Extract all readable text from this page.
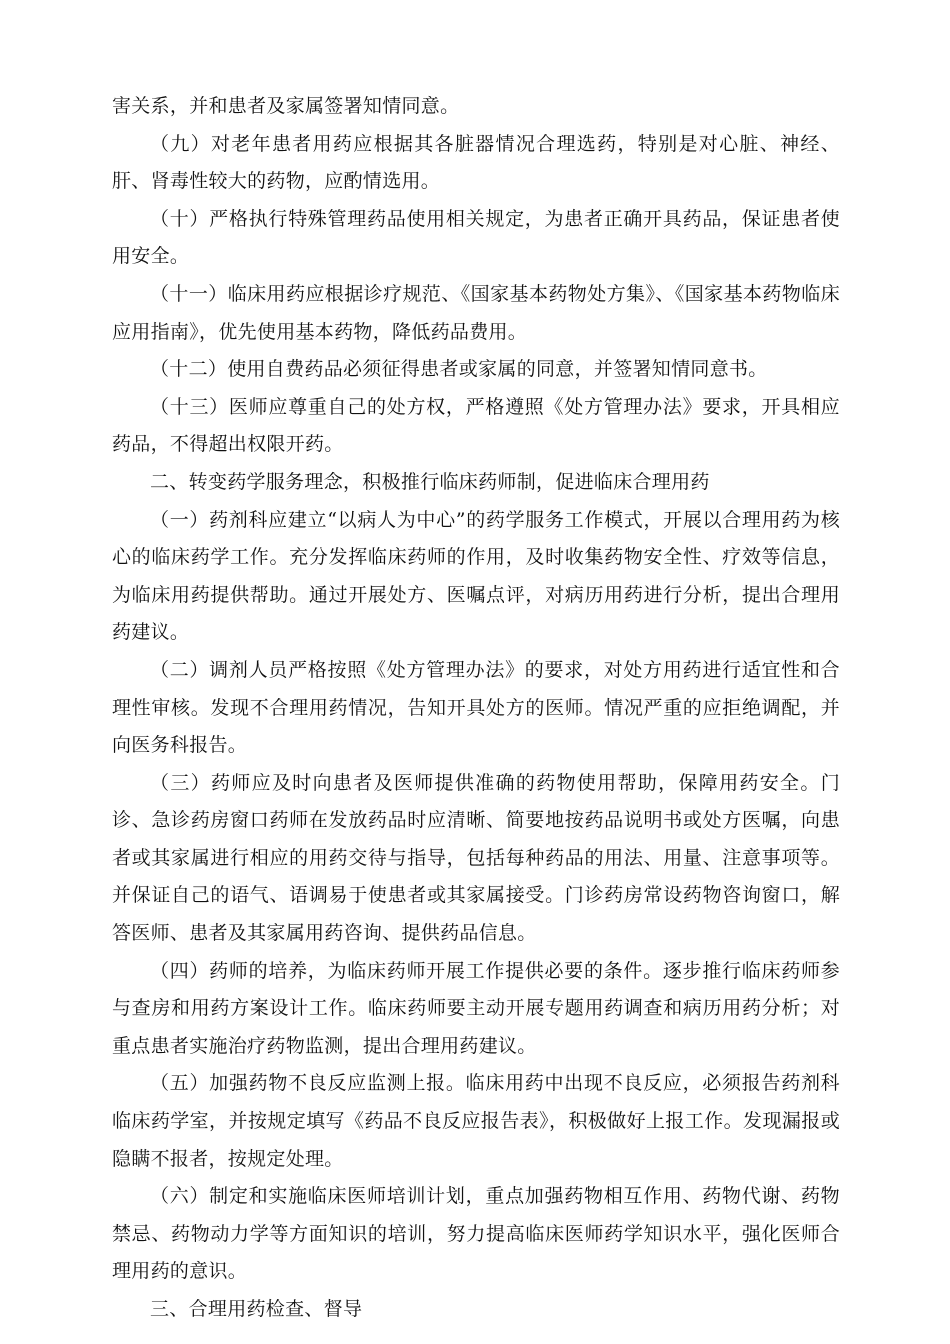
害关系，并和患者及家属签署知情同意。

（九）对老年患者用药应根据其各脏器情况合理选药，特别是对心脏、神经、肝、肾毒性较大的药物，应酌情选用。

（十）严格执行特殊管理药品使用相关规定，为患者正确开具药品，保证患者使用安全。

（十一）临床用药应根据诊疗规范、《国家基本药物处方集》、《国家基本药物临床应用指南》，优先使用基本药物，降低药品费用。

（十二）使用自费药品必须征得患者或家属的同意，并签署知情同意书。

（十三）医师应尊重自己的处方权，严格遵照《处方管理办法》要求，开具相应药品，不得超出权限开药。

二、转变药学服务理念，积极推行临床药师制，促进临床合理用药

（一）药剂科应建立“以病人为中心”的药学服务工作模式，开展以合理用药为核心的临床药学工作。充分发挥临床药师的作用，及时收集药物安全性、疗效等信息，为临床用药提供帮助。通过开展处方、医嘱点评，对病历用药进行分析，提出合理用药建议。

（二）调剂人员严格按照《处方管理办法》的要求，对处方用药进行适宜性和合理性审核。发现不合理用药情况，告知开具处方的医师。情况严重的应拒绝调配，并向医务科报告。

（三）药师应及时向患者及医师提供准确的药物使用帮助，保障用药安全。门诊、急诊药房窗口药师在发放药品时应清晰、简要地按药品说明书或处方医嘱，向患者或其家属进行相应的用药交待与指导，包括每种药品的用法、用量、注意事项等。并保证自己的语气、语调易于使患者或其家属接受。门诊药房常设药物咨询窗口，解答医师、患者及其家属用药咨询、提供药品信息。

（四）药师的培养，为临床药师开展工作提供必要的条件。逐步推行临床药师参与查房和用药方案设计工作。临床药师要主动开展专题用药调查和病历用药分析；对重点患者实施治疗药物监测，提出合理用药建议。

（五）加强药物不良反应监测上报。临床用药中出现不良反应，必须报告药剂科临床药学室，并按规定填写《药品不良反应报告表》，积极做好上报工作。发现漏报或隐瞒不报者，按规定处理。

（六）制定和实施临床医师培训计划，重点加强药物相互作用、药物代谢、药物禁忌、药物动力学等方面知识的培训，努力提高临床医师药学知识水平，强化医师合理用药的意识。

三、合理用药检查、督导
